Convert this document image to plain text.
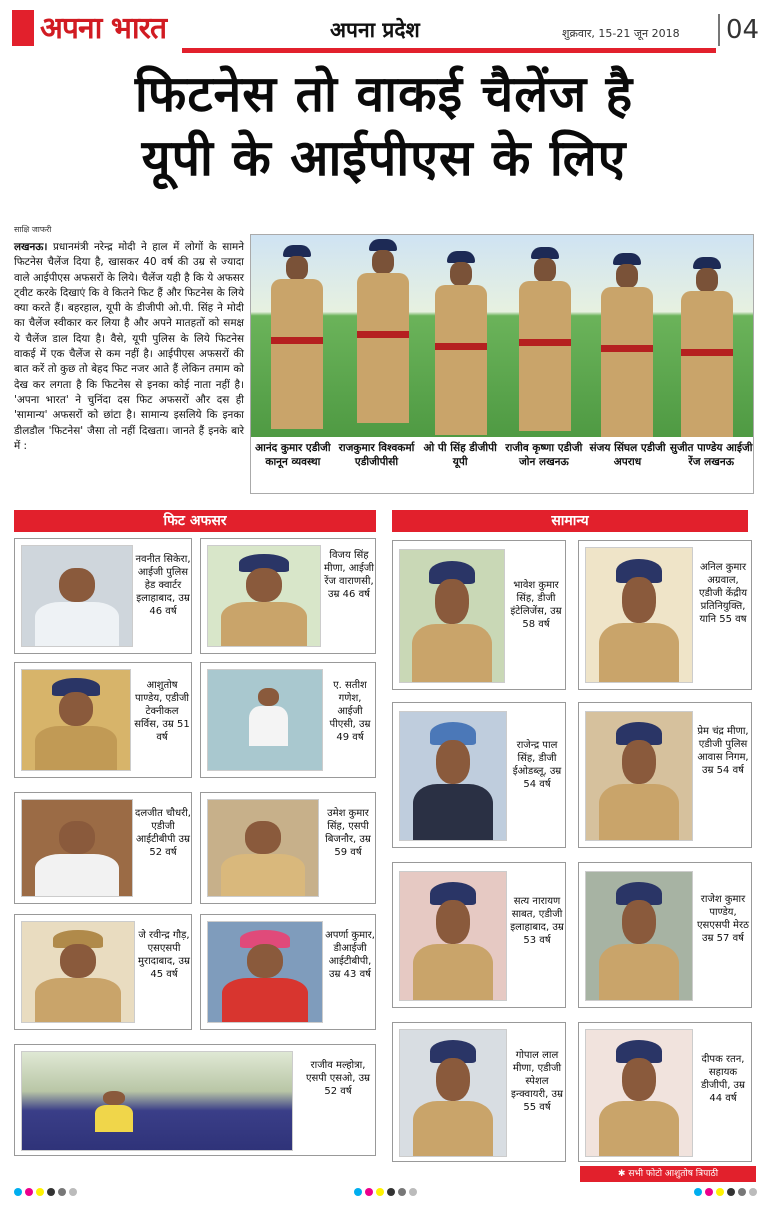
अपना भारत	अपना प्रदेश	शुक्रवार, 15-21 जून 2018	04
फिटनेस तो वाकई चैलेंज है
यूपी के आईपीएस के लिए
साक्षि जाफरी
लखनऊ। प्रधानमंत्री नरेन्द्र मोदी ने हाल में लोगों के सामने फिटनेस चैलेंज दिया है, खासकर 40 वर्ष की उम्र से ज्यादा वाले आईपीएस अफसरों के लिये। चैलेंज यही है कि ये अफसर ट्वीट करके दिखाएं कि वे कितने फिट हैं और फिटनेस के लिये क्या करते हैं। बहरहाल, यूपी के डीजीपी ओ.पी. सिंह ने मोदी का चैलेंज स्वीकार कर लिया है और अपने मातहतों को समक्ष ये चैलेंज डाल दिया है। वैसे, यूपी पुलिस के लिये फिटनेस वाकई में एक चैलेंज से कम नहीं है। आईपीएस अफसरों की बात करें तो कुछ तो बेहद फिट नजर आते हैं लेकिन तमाम को देख कर लगता है कि फिटनेस से इनका कोई नाता नहीं है। 'अपना भारत' ने चुनिंदा दस फिट अफसरों और दस ही 'सामान्य' अफसरों को छांटा है। सामान्य इसलिये कि इनका डीलडौल 'फिटनेस' जैसा तो नहीं दिखता। जानते हैं इनके बारे में :	आनंद कुमार एडीजी कानून व्यवस्था
राजकुमार विश्वकर्मा एडीजीपीसी
ओ पी सिंह डीजीपी यूपी
राजीव कृष्णा एडीजी जोन लखनऊ
संजय सिंघल एडीजी अपराध
सुजीत पाण्डेय आईजी रेंज लखनऊ
फिट अफसर	सामान्य
नवनीत सिकेरा, आईजी पुलिस हेड क्वार्टर इलाहाबाद, उम्र 46 वर्ष
विजय सिंह मीणा, आईजी रेंज वाराणसी, उम्र 46 वर्ष
आशुतोष पाण्डेय, एडीजी टेक्नीकल सर्विस, उम्र 51 वर्ष
ए. सतीश गणेश, आईजी पीएसी, उम्र 49 वर्ष
दलजीत चौधरी, एडीजी आईटीबीपी उम्र 52 वर्ष
उमेश कुमार सिंह, एसपी बिजनौर, उम्र 59 वर्ष
जे रवीन्द्र गौड़, एसएसपी मुरादाबाद, उम्र 45 वर्ष
अपर्णा कुमार, डीआईजी आईटीबीपी, उम्र 43 वर्ष
राजीव मल्होत्रा, एसपी एसओ, उम्र 52 वर्ष
भावेश कुमार सिंह, डीजी इंटेलिजेंस, उम्र 58 वर्ष
अनिल कुमार अग्रवाल, एडीजी केंद्रीय प्रतिनियुक्ति, यानि 55 वष
राजेन्द्र पाल सिंह, डीजी ईओडब्लू, उम्र 54 वर्ष
प्रेम चंद्र मीणा, एडीजी पुलिस आवास निगम, उम्र 54 वर्ष
सत्य नारायण साबत, एडीजी इलाहाबाद, उम्र 53 वर्ष
राजेश कुमार पाण्डेय, एसएसपी मेरठ उम्र 57 वर्ष
गोपाल लाल मीणा, एडीजी स्पेशल इन्क्वायरी, उम्र 55 वर्ष
दीपक रतन, सहायक डीजीपी, उम्र 44 वर्ष
✱ सभी फोटो आशुतोष त्रिपाठी
